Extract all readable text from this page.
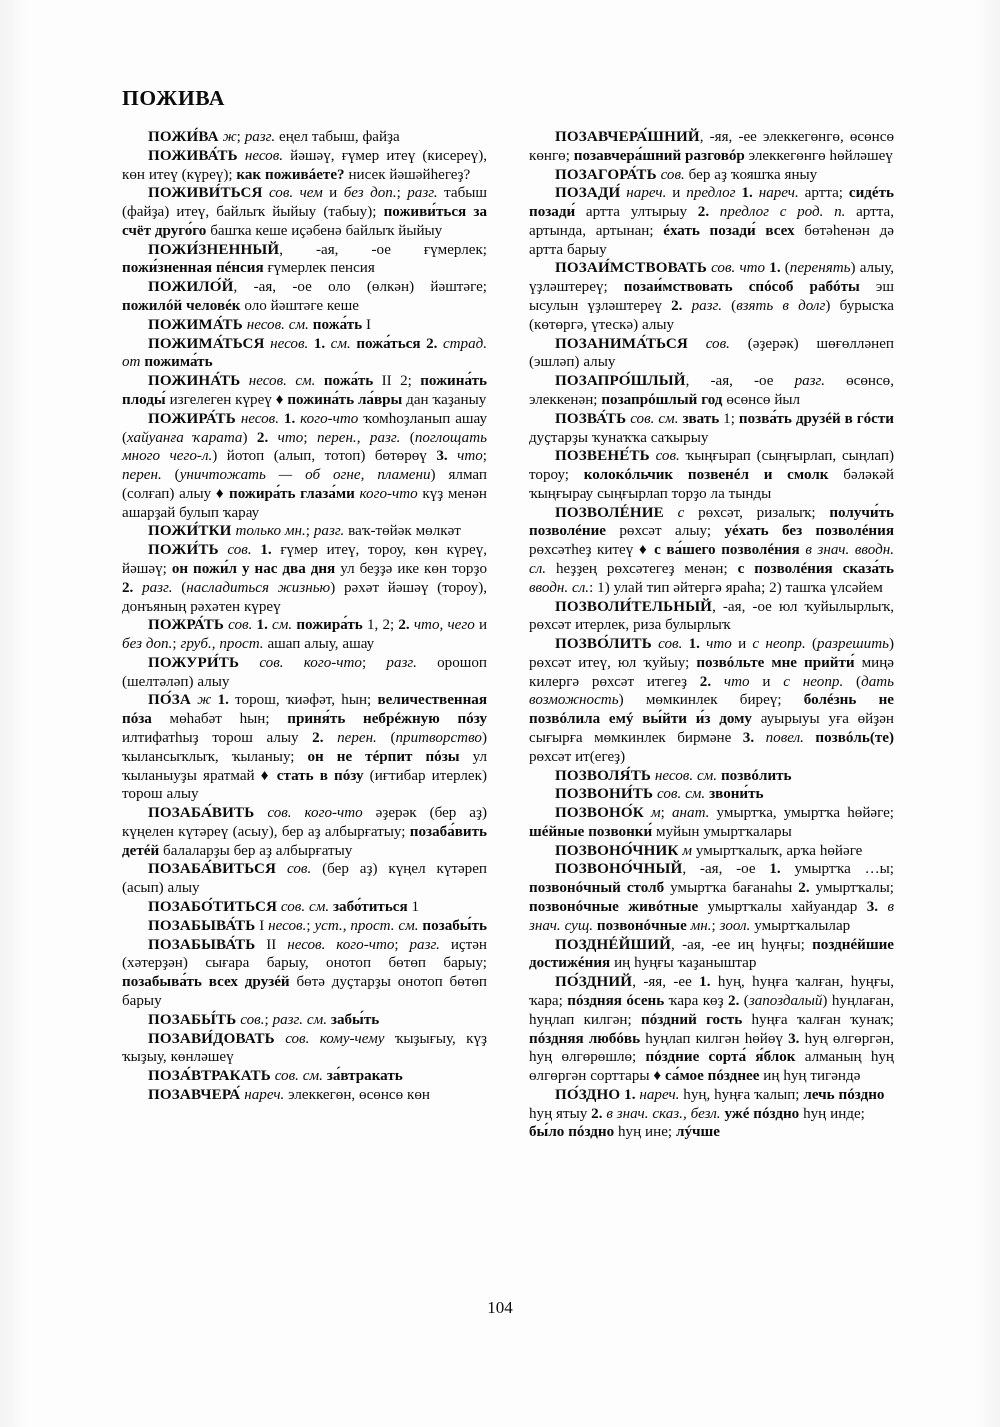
ПОЖИВА

ПОЖИ́ВА ж; разг. еңел табыш, файҙа

ПОЖИВА́ТЬ несов. йәшәү, ғүмер итеү (кисереү), көн итеү (күреү); как поживáете? нисек йәшәйһегеҙ?

ПОЖИВИ́ТЬСЯ сов. чем и без доп.; разг. табыш (файҙа) итеү, байлыҡ йыйыу (табыу); поживи́ться за счёт друго́го башҡа кеше иҫәбенә байлыҡ йыйыу

ПОЖИ́ЗНЕННЫЙ, -ая, -ое ғүмерлек; пожи́зненная пéнсия ғүмерлек пенсия

ПОЖИЛО́Й, -ая, -ое оло (өлкән) йәштәге; пожилóй человéк оло йәштәге кеше

ПОЖИМА́ТЬ несов. см. пожа́ть I

ПОЖИМА́ТЬСЯ несов. 1. см. пожа́ться 2. страд. от пожима́ть

ПОЖИНА́ТЬ несов. см. пожа́ть II 2; пожина́ть плоды́ изгелеген күреү ♦ пожина́ть ла́вры дан ҡаҙаныу

ПОЖИРА́ТЬ несов. 1. кого-что ҡомһоҙланып ашау (хайуанға ҡарата) 2. что; перен., разг. (поглощать много чего-л.) йотоп (алып, тотоп) бөтөрөү 3. что; перен. (уничтожать — об огне, пламени) ялмап (солғап) алыу ♦ пожира́ть глаза́ми кого-что күҙ менән ашарҙай булып ҡарау

ПОЖИ́ТКИ только мн.; разг. ваҡ-төйәк мөлкәт

ПОЖИ́ТЬ сов. 1. ғүмер итеү, тороу, көн күреү, йәшәү; он пожи́л у нас два дня ул беҙҙә ике көн торҙо 2. разг. (насладиться жизнью) рәхәт йәшәү (тороу), донъяның рәхәтен күреү

ПОЖРА́ТЬ сов. 1. см. пожира́ть 1, 2; 2. что, чего и без доп.; груб., прост. ашап алыу, ашау

ПОЖУРИ́ТЬ сов. кого-что; разг. орошоп (шелтәләп) алыу

ПО́ЗА ж 1. торош, ҡиәфәт, һын; величественная пóза мөһабәт һын; приня́ть небрéжную пóзу илтифатһыҙ торош алыу 2. перен. (притворство) ҡылансыҡлыҡ, ҡыланыу; он не тéрпит пóзы ул ҡыланыуҙы яратмай ♦ стать в пóзу (иғтибар итерлек) торош алыу

ПОЗАБА́ВИТЬ сов. кого-что әҙерәк (бер аҙ) күңелен күтәреү (асыу), бер аҙ албырғатыу; позаба́вить детéй балаларҙы бер аҙ албырғатыу

ПОЗАБА́ВИТЬСЯ сов. (бер аҙ) күңел күтәреп (асып) алыу

ПОЗАБО́ТИТЬСЯ сов. см. забо́титься 1

ПОЗАБЫВА́ТЬ I несов.; уст., прост. см. позабы́ть

ПОЗАБЫВА́ТЬ II несов. кого-что; разг. иҫтән (хәтерҙән) сығара барыу, онотоп бөтөп барыу; позабыва́ть всех друзéй бөтә дуҫтарҙы онотоп бөтөп барыу

ПОЗАБЫ́ТЬ сов.; разг. см. забы́ть

ПОЗАВИ́ДОВАТЬ сов. кому-чему ҡыҙығыу, күҙ ҡыҙыу, көнләшеү

ПОЗА́ВТРАКАТЬ сов. см. за́втракать

ПОЗАВЧЕРА́ нареч. элеккегөн, өсөнсө көн

ПОЗАВЧЕРА́ШНИЙ, -яя, -ее элеккегөнгө, өсөнсө көнгө; позавчера́шний разговóр элеккегөнгө һөйләшеү

ПОЗАГОРА́ТЬ сов. бер аҙ ҡояшҡа яныу

ПОЗАДИ́ нареч. и предлог 1. нареч. артта; сидéть позади́ артта ултырыу 2. предлог с род. п. артта, артында, артынан; éхать позади́ всех бөтәһенән дә артта барыу

ПОЗАИ́МСТВОВАТЬ сов. что 1. (перенять) алыу, үҙләштереү; позаи́мствовать спóсоб рабóты эш ысулын үҙләштереү 2. разг. (взять в долг) бурысҡа (көтөргә, үтескә) алыу

ПОЗАНИМА́ТЬСЯ сов. (әҙерәк) шөғөлләнеп (эшләп) алыу

ПОЗАПРО́ШЛЫЙ, -ая, -ое разг. өсөнсө, элеккенән; позапрóшлый год өсөнсө йыл

ПОЗВА́ТЬ сов. см. звать 1; позва́ть друзéй в гóсти дуҫтарҙы ҡунаҡҡа саҡырыу

ПОЗВЕНЕ́ТЬ сов. ҡыңғырап (сыңғырлап, сыңлап) тороу; колокóльчик позвенéл и смолк бәләкәй ҡыңғырау сыңғырлап торҙо ла тынды

ПОЗВОЛÉНИЕ с рөхсәт, ризалыҡ; получи́ть позволéние рөхсәт алыу; уéхать без позволéния рөхсәтһеҙ китеү ♦ с ва́шего позволéния в знач. вводн. сл. һеҙҙең рөхсәтегеҙ менән; с позволéния сказа́ть вводн. сл.: 1) улай тип әйтергә яраһа; 2) ташҡа үлсәйем

ПОЗВОЛИ́ТЕЛЬНЫЙ, -ая, -ое юл ҡуйылырлыҡ, рөхсәт итерлек, риза булырлыҡ

ПОЗВО́ЛИТЬ сов. 1. что и с неопр. (разрешить) рөхсәт итеү, юл ҡуйыу; позвóльте мне прийти́ миңә килергә рөхсәт итегеҙ 2. что и с неопр. (дать возможность) мөмкинлек биреү; болéзнь не позвóлила емý вы́йти и́з дому ауырыуы уға өйҙән сығырға мөмкинлек бирмәне 3. повел. позвóль(те) рөхсәт ит(егеҙ)

ПОЗВОЛЯ́ТЬ несов. см. позвóлить

ПОЗВОНИ́ТЬ сов. см. звони́ть

ПОЗВОНО́К м; анат. умыртҡа, умыртҡа һөйәге; шéйные позвонки́ муйын умыртҡалары

ПОЗВОНО́ЧНИК м умыртҡалыҡ, арҡа һөйәге

ПОЗВОНО́ЧНЫЙ, -ая, -ое 1. умыртҡа …ы; позвонóчный столб умыртҡа бағанаһы 2. умыртҡалы; позвонóчные живóтные умыртҡалы хайуандар 3. в знач. сущ. позвонóчные мн.; зоол. умыртҡалылар

ПОЗДНÉЙШИЙ, -ая, -ее иң һуңғы; позднéйшие достижéния иң һуңғы ҡаҙаныштар

ПО́ЗДНИЙ, -яя, -ее 1. һуң, һуңға ҡалған, һуңғы, ҡара; пóздняя óсень ҡара көҙ 2. (запоздалый) һуңлаған, һуңлап килгән; пóздний гость һуңға ҡалған ҡунаҡ; пóздняя любóвь һуңлап килгән һөйөү 3. һуң өлгөргән, һуң өлгөрөшлө; пóздние сорта́ я́блок алманың һуң өлгөргән сорттары ♦ са́мое пóзднее иң һуң тигәндә

ПО́ЗДНО 1. нареч. һуң, һуңға ҡалып; лечь пóздно һуң ятыу 2. в знач. сказ., безл. ужé пóздно һуң инде; бы́ло пóздно һуң ине; лýчше

104
